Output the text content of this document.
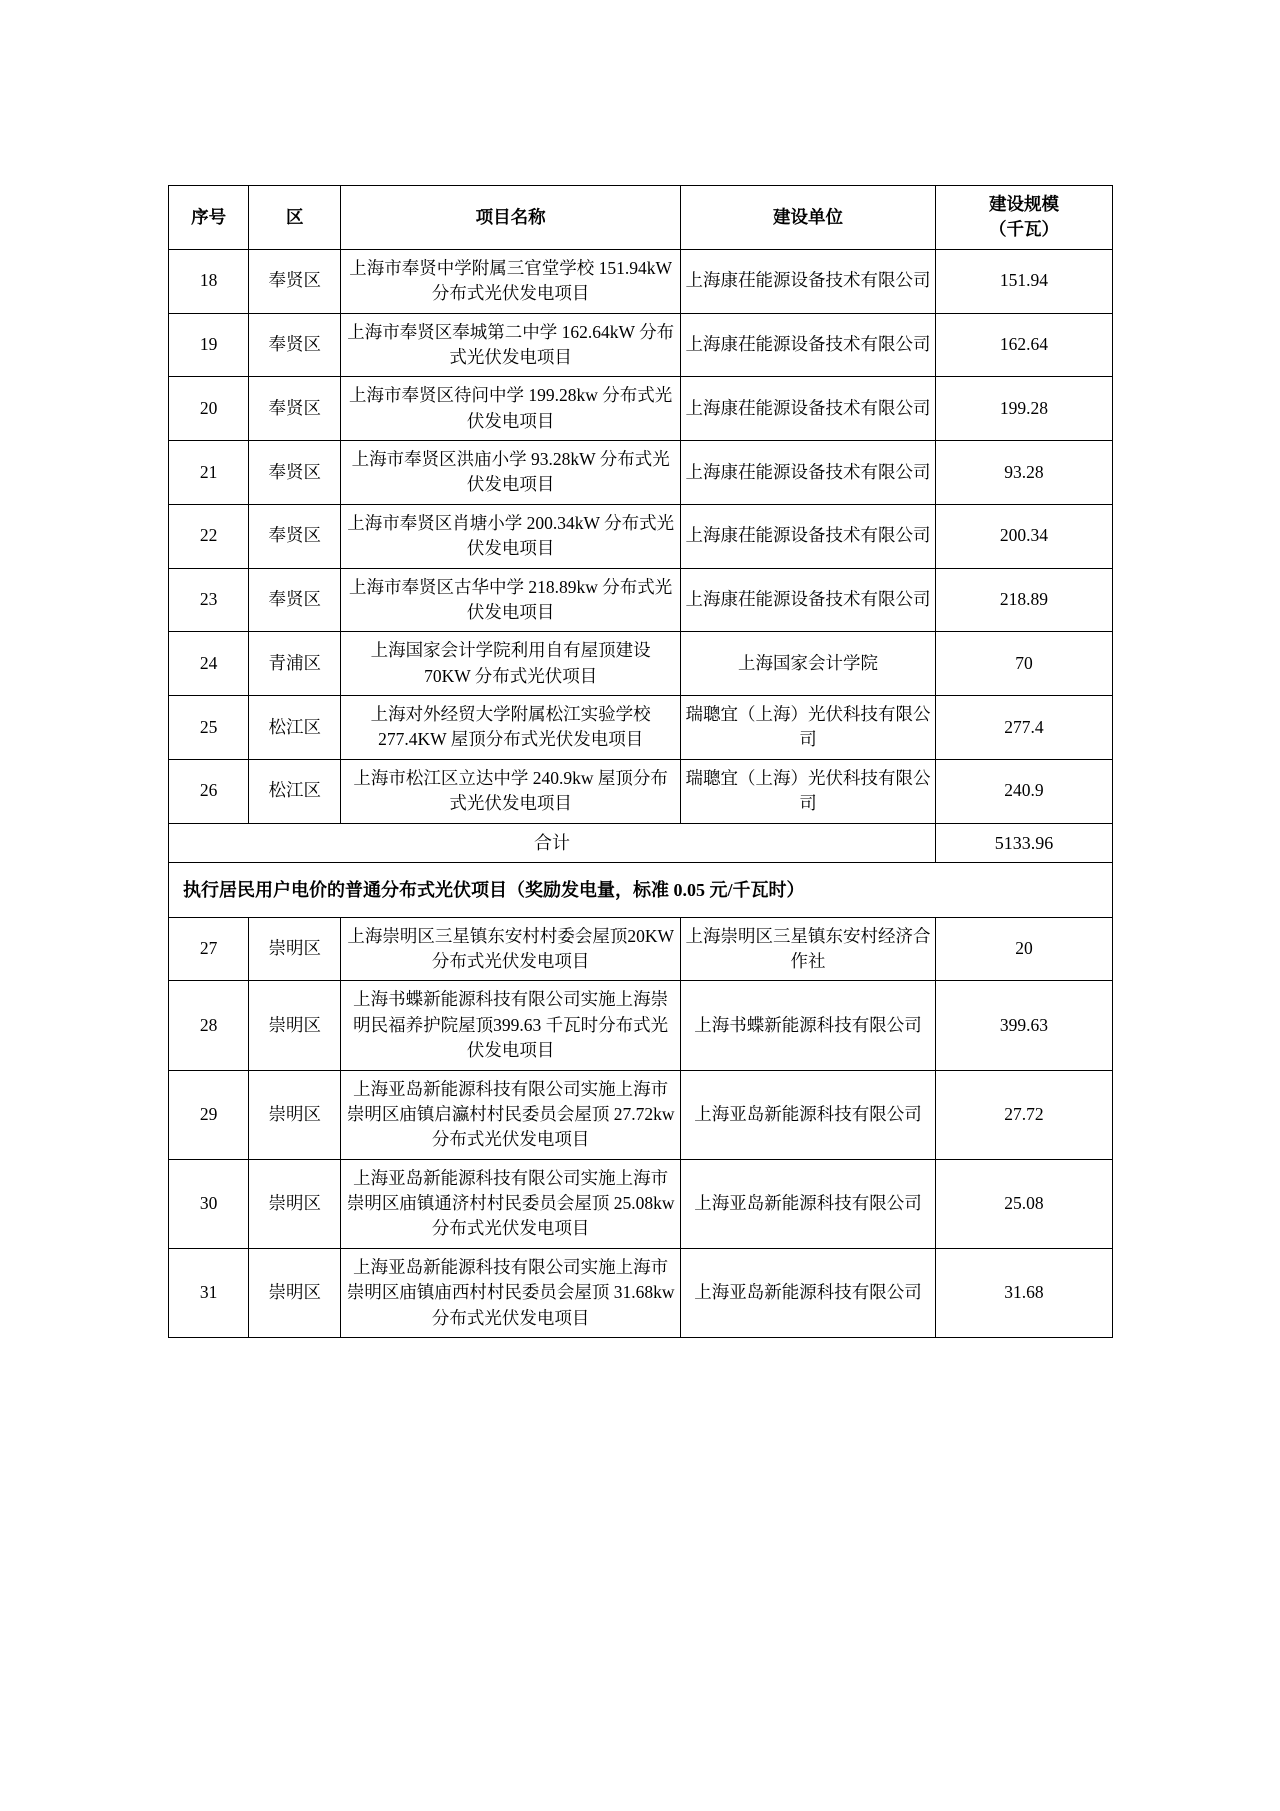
序号	区	项目名称	建设单位	建设规模
（千瓦）

18	奉贤区	上海市奉贤中学附属三官堂学校 151.94kW 分布式光伏发电项目	上海康茌能源设备技术有限公司	151.94
19	奉贤区	上海市奉贤区奉城第二中学 162.64kW 分布式光伏发电项目	上海康茌能源设备技术有限公司	162.64
20	奉贤区	上海市奉贤区待问中学 199.28kw 分布式光伏发电项目	上海康茌能源设备技术有限公司	199.28
21	奉贤区	上海市奉贤区洪庙小学 93.28kW 分布式光伏发电项目	上海康茌能源设备技术有限公司	93.28
22	奉贤区	上海市奉贤区肖塘小学 200.34kW 分布式光伏发电项目	上海康茌能源设备技术有限公司	200.34
23	奉贤区	上海市奉贤区古华中学 218.89kw 分布式光伏发电项目	上海康茌能源设备技术有限公司	218.89
24	青浦区	上海国家会计学院利用自有屋顶建设 70KW 分布式光伏项目	上海国家会计学院	70
25	松江区	上海对外经贸大学附属松江实验学校 277.4KW 屋顶分布式光伏发电项目	瑞聰宜（上海）光伏科技有限公司	277.4
26	松江区	上海市松江区立达中学 240.9kw 屋顶分布式光伏发电项目	瑞聰宜（上海）光伏科技有限公司	240.9
合计				5133.96
执行居民用户电价的普通分布式光伏项目（奖励发电量，标准 0.05 元/千瓦时）				
27	崇明区	上海崇明区三星镇东安村村委会屋顶20KW分布式光伏发电项目	上海崇明区三星镇东安村经济合作社	20
28	崇明区	上海书蝶新能源科技有限公司实施上海崇明民福养护院屋顶399.63 千瓦时分布式光伏发电项目	上海书蝶新能源科技有限公司	399.63
29	崇明区	上海亚岛新能源科技有限公司实施上海市崇明区庙镇启瀛村村民委员会屋顶 27.72kw 分布式光伏发电项目	上海亚岛新能源科技有限公司	27.72
30	崇明区	上海亚岛新能源科技有限公司实施上海市崇明区庙镇通济村村民委员会屋顶 25.08kw 分布式光伏发电项目	上海亚岛新能源科技有限公司	25.08
31	崇明区	上海亚岛新能源科技有限公司实施上海市崇明区庙镇庙西村村民委员会屋顶 31.68kw 分布式光伏发电项目	上海亚岛新能源科技有限公司	31.68
